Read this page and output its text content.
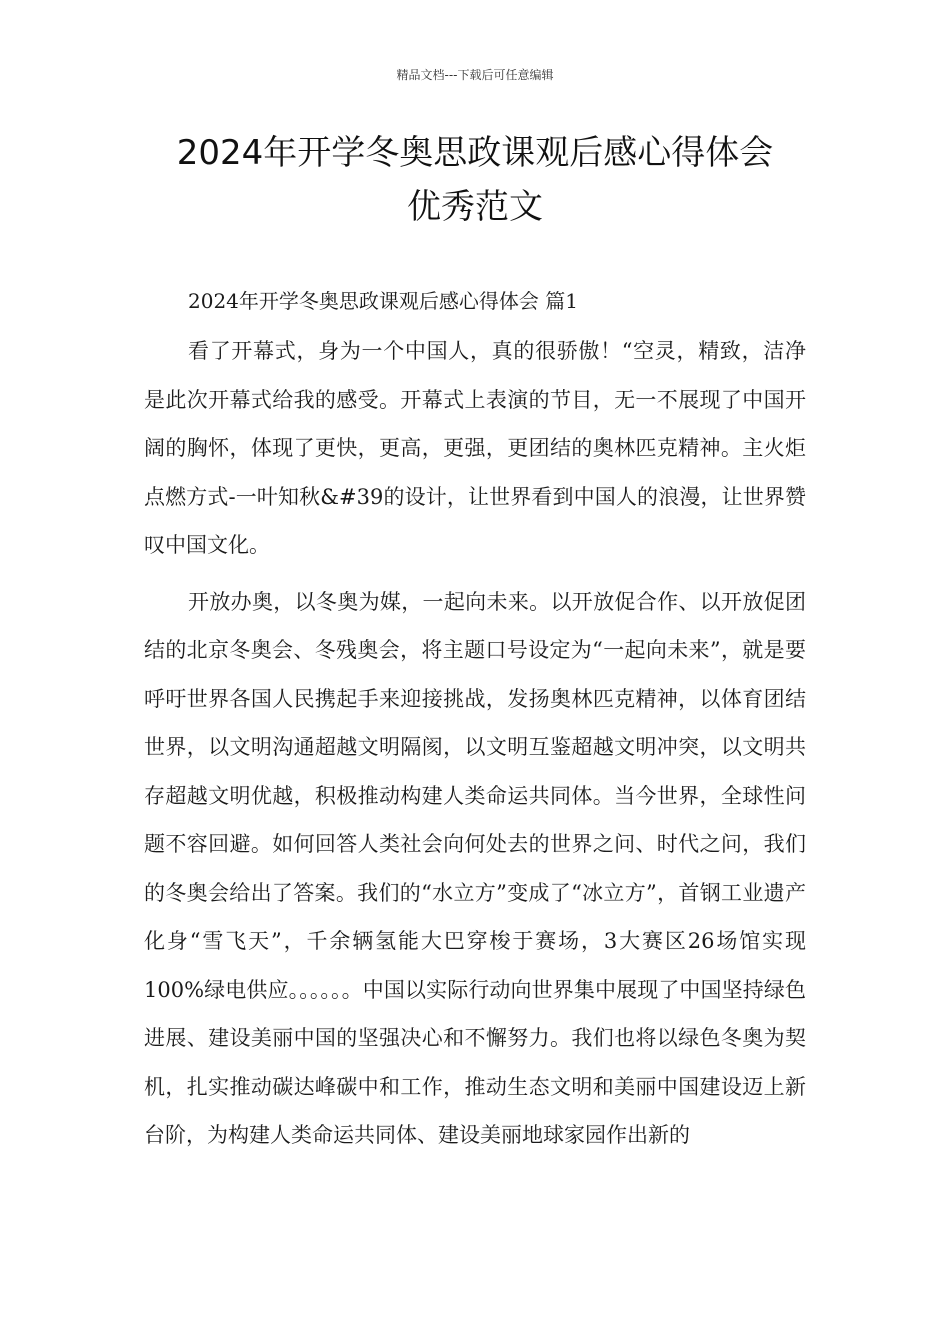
精品文档---下载后可任意编辑
2024年开学冬奥思政课观后感心得体会
优秀范文

2024年开学冬奥思政课观后感心得体会 篇1

看了开幕式，身为一个中国人，真的很骄傲！“空灵，精致，洁净是此次开幕式给我的感受。开幕式上表演的节目，无一不展现了中国开阔的胸怀，体现了更快，更高，更强，更团结的奥林匹克精神。主火炬点燃方式-一叶知秋&#39的设计，让世界看到中国人的浪漫，让世界赞叹中国文化。

开放办奥，以冬奥为媒，一起向未来。以开放促合作、以开放促团结的北京冬奥会、冬残奥会，将主题口号设定为“一起向未来”，就是要呼吁世界各国人民携起手来迎接挑战，发扬奥林匹克精神，以体育团结世界，以文明沟通超越文明隔阂，以文明互鉴超越文明冲突，以文明共存超越文明优越，积极推动构建人类命运共同体。当今世界，全球性问题不容回避。如何回答人类社会向何处去的世界之问、时代之问，我们的冬奥会给出了答案。我们的“水立方”变成了“冰立方”，首钢工业遗产化身“雪飞天”，千余辆氢能大巴穿梭于赛场，3大赛区26场馆实现100%绿电供应。。。。。。中国以实际行动向世界集中展现了中国坚持绿色进展、建设美丽中国的坚强决心和不懈努力。我们也将以绿色冬奥为契机，扎实推动碳达峰碳中和工作，推动生态文明和美丽中国建设迈上新台阶，为构建人类命运共同体、建设美丽地球家园作出新的
